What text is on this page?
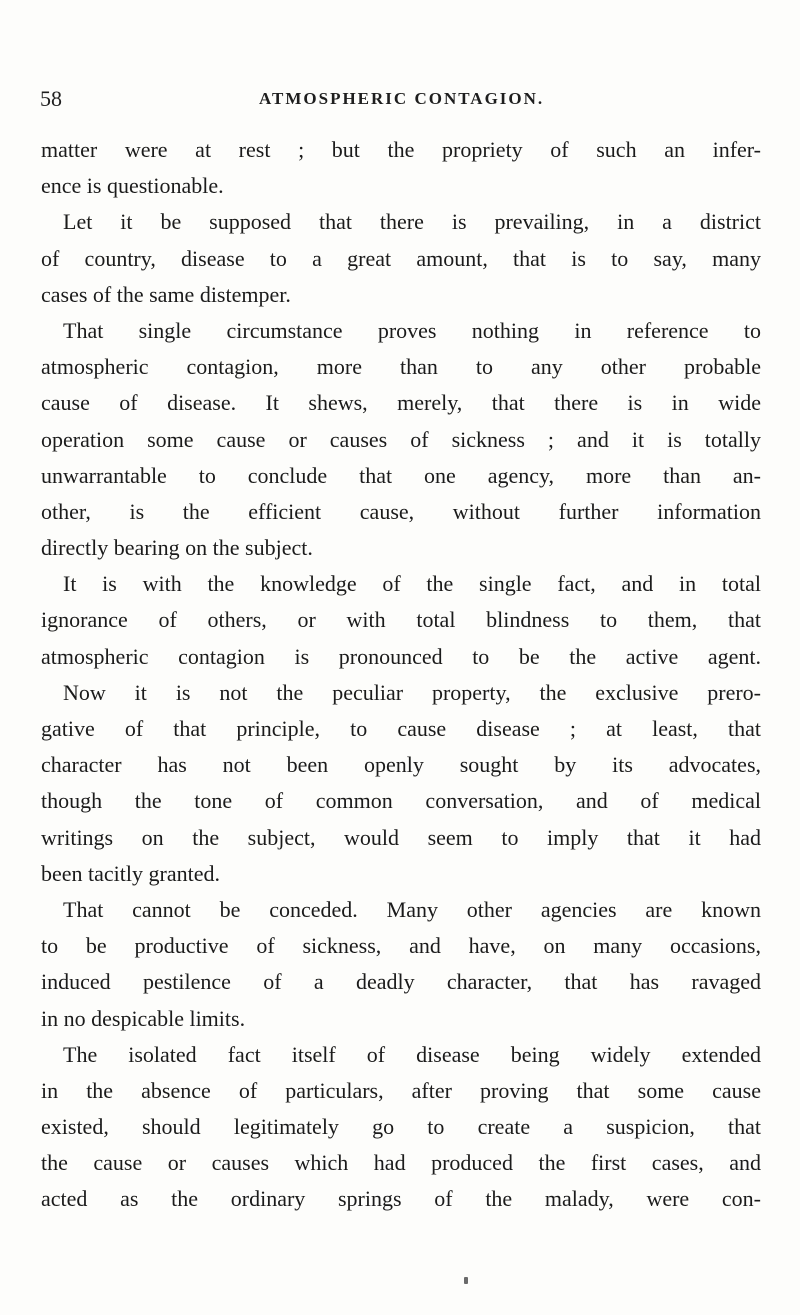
58	ATMOSPHERIC CONTAGION.
matter were at rest ; but the propriety of such an infer-
ence is questionable.
Let it be supposed that there is prevailing, in a district
of country, disease to a great amount, that is to say, many
cases of the same distemper.
That single circumstance proves nothing in reference to
atmospheric contagion, more than to any other probable
cause of disease. It shews, merely, that there is in wide
operation some cause or causes of sickness ; and it is totally
unwarrantable to conclude that one agency, more than an-
other, is the efficient cause, without further information
directly bearing on the subject.
It is with the knowledge of the single fact, and in total
ignorance of others, or with total blindness to them, that
atmospheric contagion is pronounced to be the active agent.
Now it is not the peculiar property, the exclusive prero-
gative of that principle, to cause disease ; at least, that
character has not been openly sought by its advocates,
though the tone of common conversation, and of medical
writings on the subject, would seem to imply that it had
been tacitly granted.
That cannot be conceded. Many other agencies are known
to be productive of sickness, and have, on many occasions,
induced pestilence of a deadly character, that has ravaged
in no despicable limits.
The isolated fact itself of disease being widely extended
in the absence of particulars, after proving that some cause
existed, should legitimately go to create a suspicion, that
the cause or causes which had produced the first cases, and
acted as the ordinary springs of the malady, were con-
